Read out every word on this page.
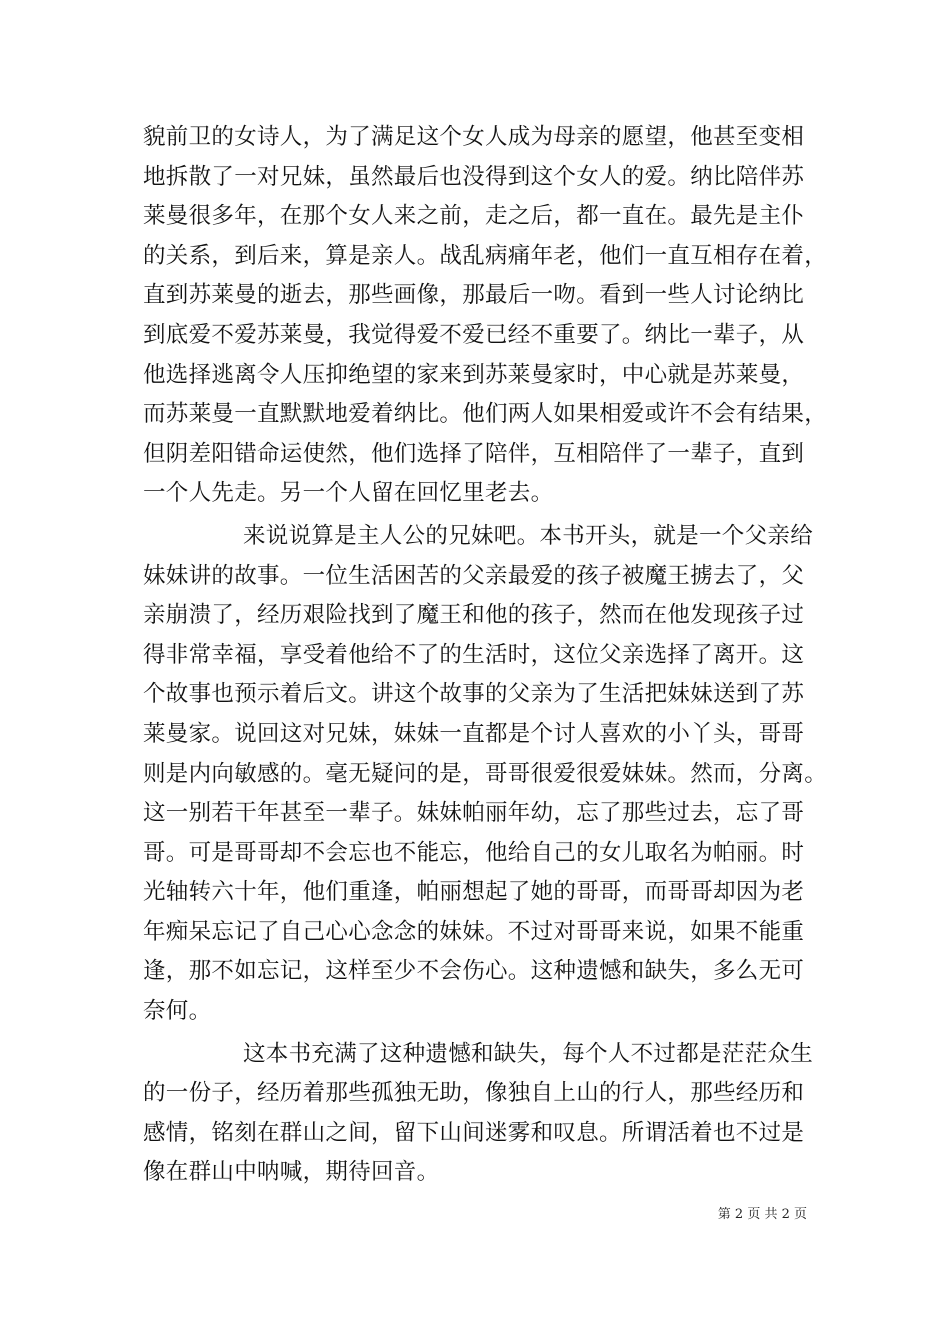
貌前卫的女诗人，为了满足这个女人成为母亲的愿望，他甚至变相
地拆散了一对兄妹，虽然最后也没得到这个女人的爱。纳比陪伴苏
莱曼很多年，在那个女人来之前，走之后，都一直在。最先是主仆
的关系，到后来，算是亲人。战乱病痛年老，他们一直互相存在着，
直到苏莱曼的逝去，那些画像，那最后一吻。看到一些人讨论纳比
到底爱不爱苏莱曼，我觉得爱不爱已经不重要了。纳比一辈子，从
他选择逃离令人压抑绝望的家来到苏莱曼家时，中心就是苏莱曼，
而苏莱曼一直默默地爱着纳比。他们两人如果相爱或许不会有结果，
但阴差阳错命运使然，他们选择了陪伴，互相陪伴了一辈子，直到
一个人先走。另一个人留在回忆里老去。
来说说算是主人公的兄妹吧。本书开头，就是一个父亲给
妹妹讲的故事。一位生活困苦的父亲最爱的孩子被魔王掳去了，父
亲崩溃了，经历艰险找到了魔王和他的孩子，然而在他发现孩子过
得非常幸福，享受着他给不了的生活时，这位父亲选择了离开。这
个故事也预示着后文。讲这个故事的父亲为了生活把妹妹送到了苏
莱曼家。说回这对兄妹，妹妹一直都是个讨人喜欢的小丫头，哥哥
则是内向敏感的。毫无疑问的是，哥哥很爱很爱妹妹。然而，分离。
这一别若干年甚至一辈子。妹妹帕丽年幼，忘了那些过去，忘了哥
哥。可是哥哥却不会忘也不能忘，他给自己的女儿取名为帕丽。时
光轴转六十年，他们重逢，帕丽想起了她的哥哥，而哥哥却因为老
年痴呆忘记了自己心心念念的妹妹。不过对哥哥来说，如果不能重
逢，那不如忘记，这样至少不会伤心。这种遗憾和缺失，多么无可
奈何。
这本书充满了这种遗憾和缺失，每个人不过都是茫茫众生
的一份子，经历着那些孤独无助，像独自上山的行人，那些经历和
感情，铭刻在群山之间，留下山间迷雾和叹息。所谓活着也不过是
像在群山中呐喊，期待回音。
第 2 页 共 2 页
